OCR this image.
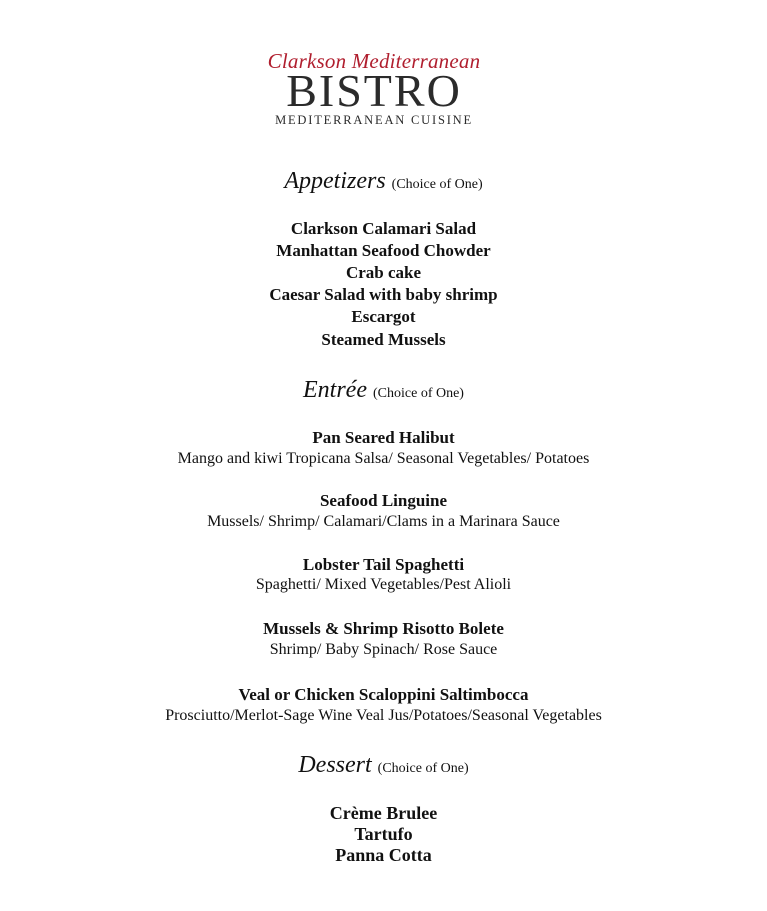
Clarkson Mediterranean
BISTRO
MEDITERRANEAN CUISINE
Appetizers (Choice of One)
Clarkson Calamari Salad
Manhattan Seafood Chowder
Crab cake
Caesar Salad with baby shrimp
Escargot
Steamed Mussels
Entrée (Choice of One)
Pan Seared Halibut
Mango and kiwi Tropicana Salsa/ Seasonal Vegetables/ Potatoes
Seafood Linguine
Mussels/ Shrimp/ Calamari/Clams in a Marinara Sauce
Lobster Tail Spaghetti
Spaghetti/ Mixed Vegetables/Pest Alioli
Mussels & Shrimp Risotto Bolete
Shrimp/ Baby Spinach/ Rose Sauce
Veal or Chicken Scaloppini Saltimbocca
Prosciutto/Merlot-Sage Wine Veal Jus/Potatoes/Seasonal Vegetables
Dessert (Choice of One)
Crème Brulee
Tartufo
Panna Cotta
